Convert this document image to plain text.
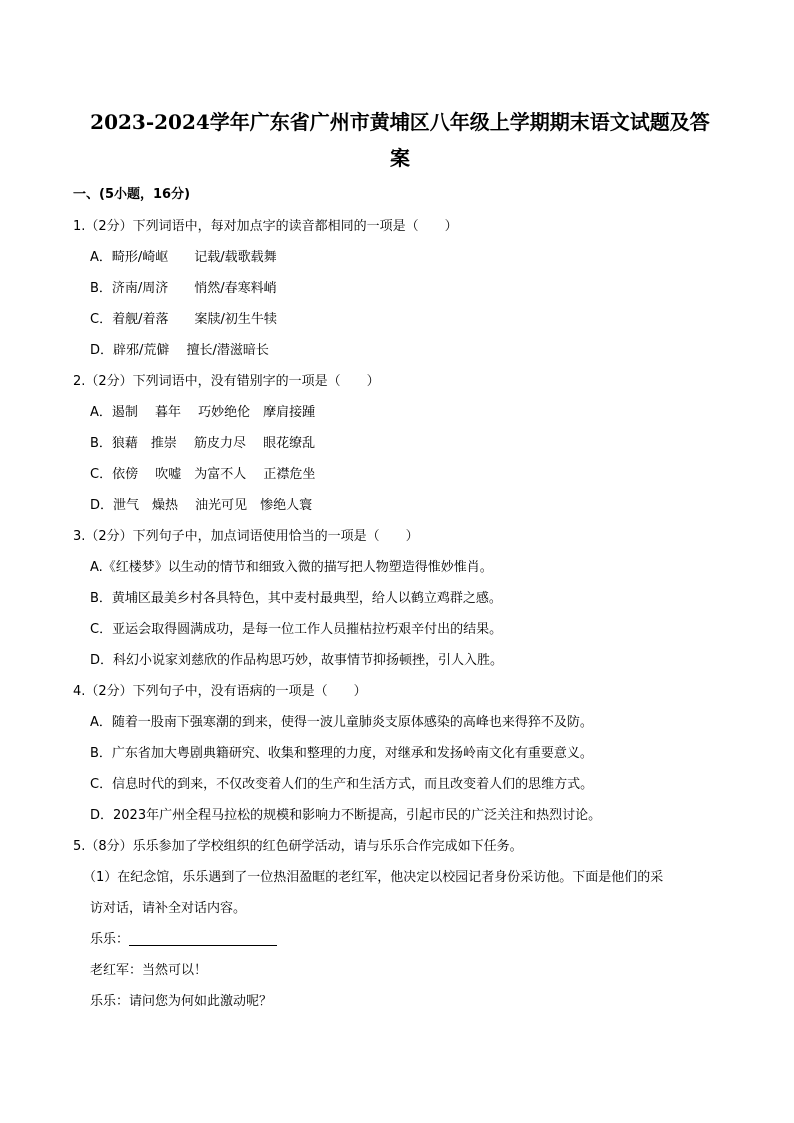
2023-2024学年广东省广州市黄埔区八年级上学期期末语文试题及答
案
一、(5小题，16分)
1.（2分）下列词语中，每对加点字的读音都相同的一项是（　　）
A．畸形/崎岖　　记载/载歌载舞
B．济南/周济　　悄然/春寒料峭
C．着舰/着落　　案牍/初生牛犊
D．辟邪/荒僻　 擅长/潜滋暗长
2.（2分）下列词语中，没有错别字的一项是（　　）
A．遏制　 暮年　 巧妙绝伦　摩肩接踵
B．狼藉　推崇　 筋皮力尽　 眼花缭乱
C．依傍　 吹嘘　为富不人　 正襟危坐
D．泄气　燥热　 油光可见　惨绝人寰
3.（2分）下列句子中，加点词语使用恰当的一项是（　　）
A.《红楼梦》以生动的情节和细致入微的描写把人物塑造得惟妙惟肖。
B．黄埔区最美乡村各具特色，其中麦村最典型，给人以鹤立鸡群之感。
C．亚运会取得圆满成功，是每一位工作人员摧枯拉朽艰辛付出的结果。
D．科幻小说家刘慈欣的作品构思巧妙，故事情节抑扬顿挫，引人入胜。
4.（2分）下列句子中，没有语病的一项是（　　）
A．随着一股南下强寒潮的到来，使得一波儿童肺炎支原体感染的高峰也来得猝不及防。
B．广东省加大粤剧典籍研究、收集和整理的力度，对继承和发扬岭南文化有重要意义。
C．信息时代的到来，不仅改变着人们的生产和生活方式，而且改变着人们的思维方式。
D．2023年广州全程马拉松的规模和影响力不断提高，引起市民的广泛关注和热烈讨论。
5.（8分）乐乐参加了学校组织的红色研学活动，请与乐乐合作完成如下任务。
（1）在纪念馆，乐乐遇到了一位热泪盈眶的老红军，他决定以校园记者身份采访他。下面是他们的采
访对话，请补全对话内容。
乐乐：
老红军：当然可以！
乐乐：请问您为何如此激动呢？
